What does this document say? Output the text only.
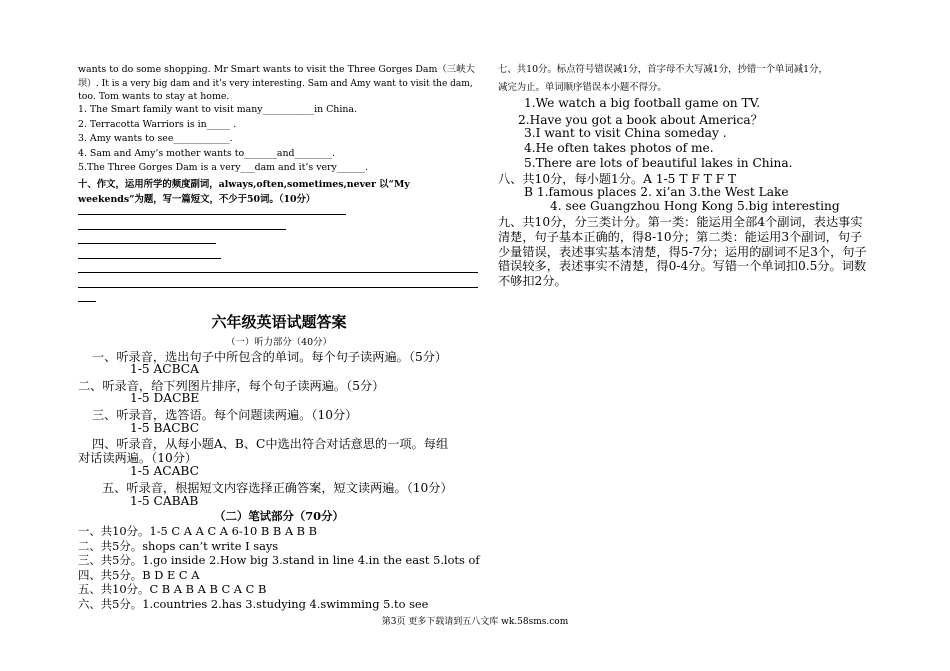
wants to do some shopping. Mr Smart wants to visit the Three Gorges Dam（三峡大
坝）. It is a very big dam and it’s very interesting. Sam and Amy want to visit the dam,
too. Tom wants to stay at home.
1. The Smart family want to visit many___________in China.
2. Terracotta Warriors is in_____ .
3. Amy wants to see____________.
4. Sam and Amy’s mother wants to_______and________.
5.The Three Gorges Dam is a very___dam and it’s very______.
十、作文，运用所学的频度副词，always,often,sometimes,never 以“My
weekends”为题，写一篇短文，不少于50词。（10分）
六年级英语试题答案
（一）听力部分（40分）
一、听录音，选出句子中所包含的单词。每个句子读两遍。（5分）
1-5 ACBCA
二、听录音，给下列图片排序，每个句子读两遍。（5分）
1-5 DACBE
三、听录音，选答语。每个问题读两遍。（10分）
1-5 BACBC
四、听录音，从每小题A、B、C中选出符合对话意思的一项。每组
对话读两遍。（10分）
1-5 ACABC
五、听录音，根据短文内容选择正确答案，短文读两遍。（10分）
1-5 CABAB
（二）笔试部分（70分）
一、共10分。1-5 C A A C A 6-10 B B A B B
二、共5分。shops can’t write I says
三、共5分。1.go inside 2.How big 3.stand in line 4.in the east 5.lots of
四、共5分。B D E C A
五、共10分。C B A B A B C A C B
六、共5分。1.countries 2.has 3.studying 4.swimming 5.to see
七、共10分。标点符号错误减1分，首字母不大写减1分，抄错一个单词减1分，
减完为止。单词顺序错误本小题不得分。
1.We watch a big football game on TV.
2.Have you got a book about America？
3.I want to visit China someday .
4.He often takes photos of me.
5.There are lots of beautiful lakes in China.
八、共10分，每小题1分。A 1-5 T F T F T
B 1.famous places 2. xi’an 3.the West Lake
4. see Guangzhou Hong Kong 5.big interesting
九、共10分，分三类计分。第一类：能运用全部4个副词，表达事实
清楚，句子基本正确的，得8-10分；第二类：能运用3个副词，句子
少量错误，表述事实基本清楚，得5-7分；运用的副词不足3个，句子
错误较多，表述事实不清楚，得0-4分。写错一个单词扣0.5分。词数
不够扣2分。
第3页 更多下载请到五八文库 wk.58sms.com
